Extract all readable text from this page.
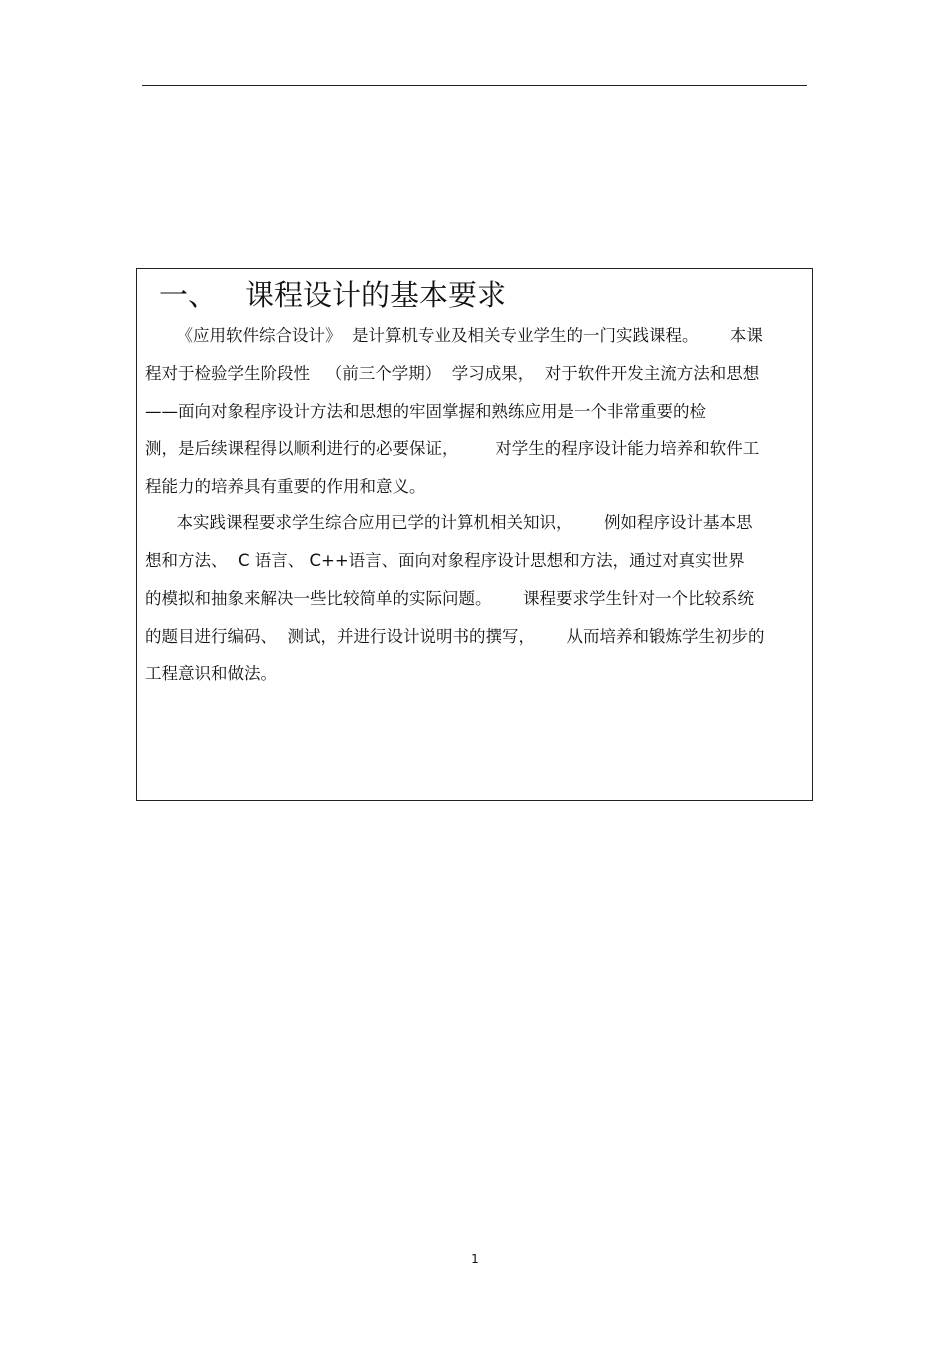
一、 课程设计的基本要求
《应用软件综合设计》  是计算机专业及相关专业学生的一门实践课程。      本课
程对于检验学生阶段性   （前三个学期）  学习成果，  对于软件开发主流方法和思想
——面向对象程序设计方法和思想的牢固掌握和熟练应用是一个非常重要的检
测，是后续课程得以顺利进行的必要保证，       对学生的程序设计能力培养和软件工
程能力的培养具有重要的作用和意义。
本实践课程要求学生综合应用已学的计算机相关知识，      例如程序设计基本思
想和方法、  C 语言、 C++语言、面向对象程序设计思想和方法，通过对真实世界
的模拟和抽象来解决一些比较简单的实际问题。      课程要求学生针对一个比较系统
的题目进行编码、  测试，并进行设计说明书的撰写，      从而培养和锻炼学生初步的
工程意识和做法。
1
